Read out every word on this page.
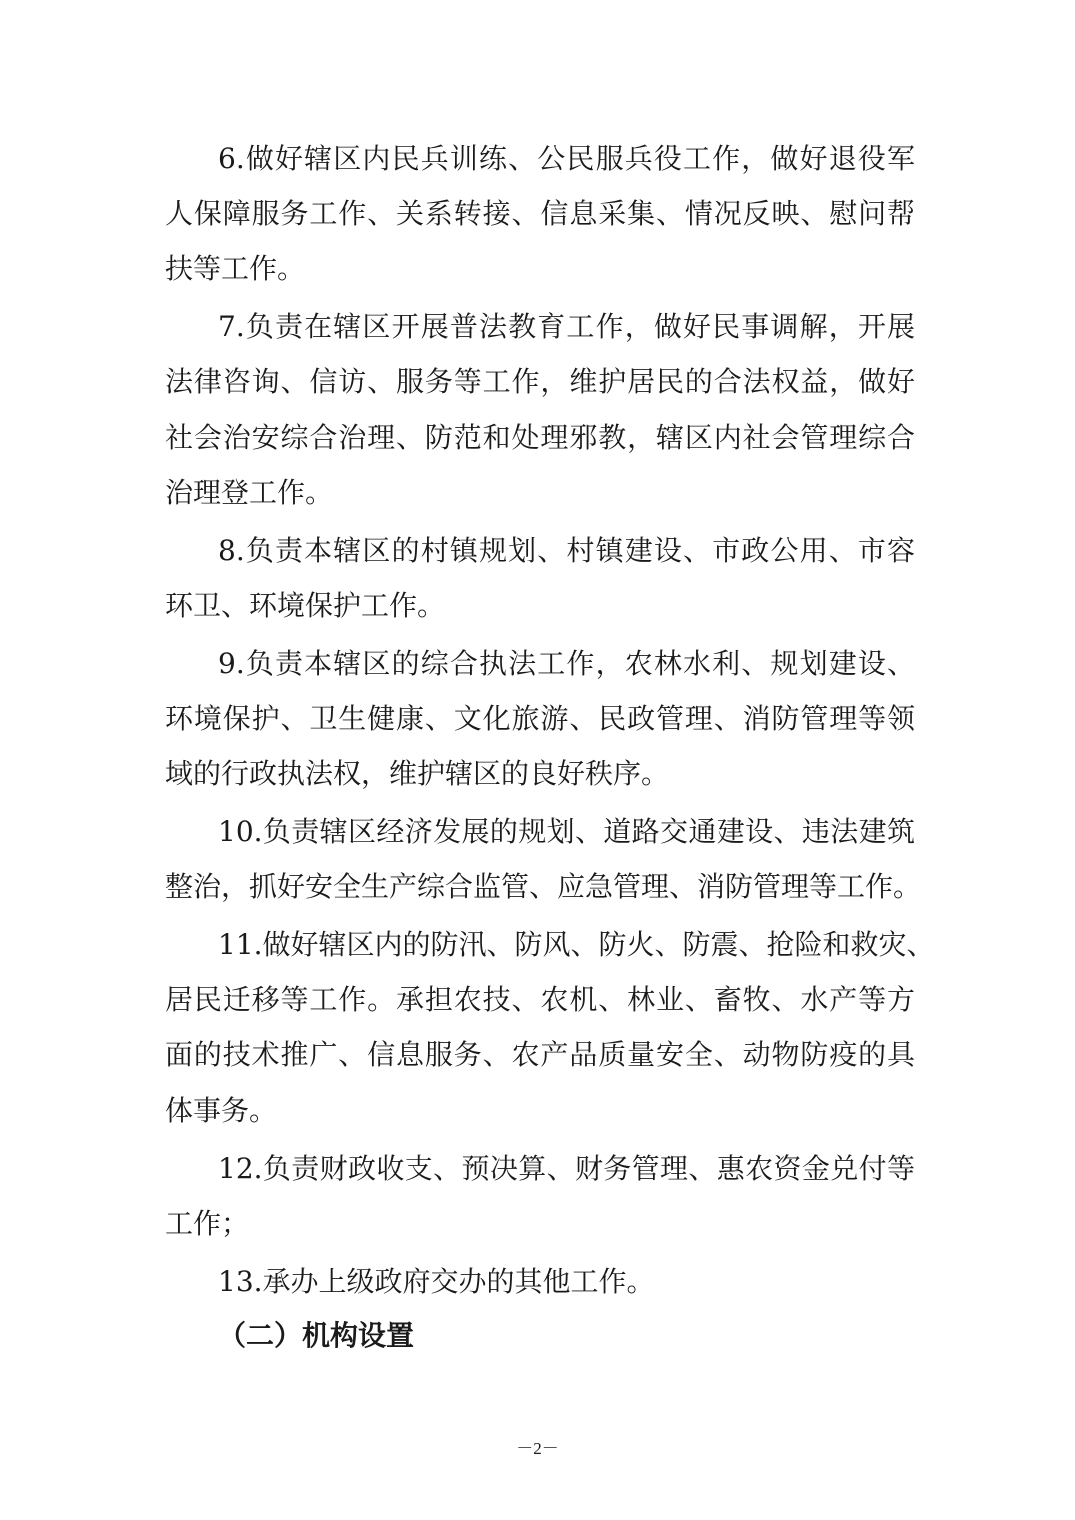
6.做好辖区内民兵训练、公民服兵役工作，做好退役军
人保障服务工作、关系转接、信息采集、情况反映、慰问帮
扶等工作。
7.负责在辖区开展普法教育工作，做好民事调解，开展
法律咨询、信访、服务等工作，维护居民的合法权益，做好
社会治安综合治理、防范和处理邪教，辖区内社会管理综合
治理登工作。
8.负责本辖区的村镇规划、村镇建设、市政公用、市容
环卫、环境保护工作。
9.负责本辖区的综合执法工作，农林水利、规划建设、
环境保护、卫生健康、文化旅游、民政管理、消防管理等领
域的行政执法权，维护辖区的良好秩序。
10.负责辖区经济发展的规划、道路交通建设、违法建筑
整治，抓好安全生产综合监管、应急管理、消防管理等工作。
11.做好辖区内的防汛、防风、防火、防震、抢险和救灾、
居民迁移等工作。承担农技、农机、林业、畜牧、水产等方
面的技术推广、信息服务、农产品质量安全、动物防疫的具
体事务。
12.负责财政收支、预决算、财务管理、惠农资金兑付等
工作；
13.承办上级政府交办的其他工作。
（二）机构设置
－2－
